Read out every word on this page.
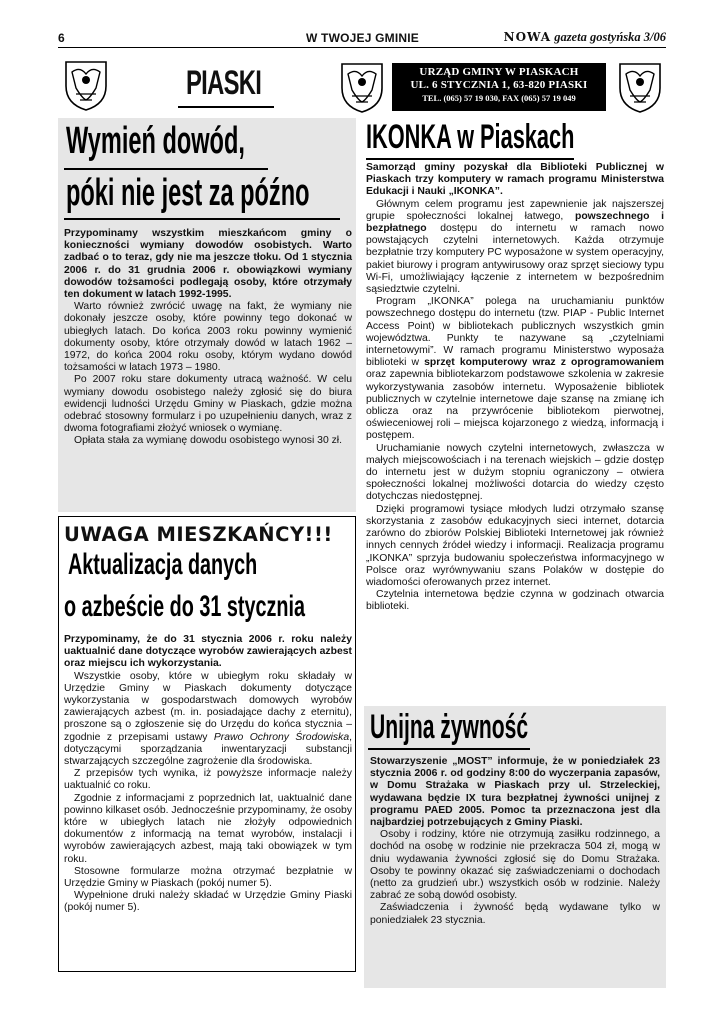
6	W TWOJEJ GMINIE	NOWA gazeta gostyńska 3/06
PIASKI	URZĄD GMINY W PIASKACH
UL. 6 STYCZNIA 1, 63-820 PIASKI
TEL. (065) 57 19 030, FAX (065) 57 19 049
Wymień dowód,
póki nie jest za późno

Przypominamy wszystkim mieszkańcom gminy o konieczności wymiany dowodów osobistych. Warto zadbać o to teraz, gdy nie ma jeszcze tłoku. Od 1 stycznia 2006 r. do 31 grudnia 2006 r. obowiązkowi wymiany dowodów tożsamości podlegają osoby, które otrzymały ten dokument w latach 1992-1995.

Warto również zwrócić uwagę na fakt, że wymiany nie dokonały jeszcze osoby, które powinny tego dokonać w ubiegłych latach. Do końca 2003 roku powinny wymienić dokumenty osoby, które otrzymały dowód w latach 1962 – 1972, do końca 2004 roku osoby, którym wydano dowód tożsamości w latach 1973 – 1980.

Po 2007 roku stare dokumenty utracą ważność. W celu wymiany dowodu osobistego należy zgłosić się do biura ewidencji ludności Urzędu Gminy w Piaskach, gdzie można odebrać stosowny formularz i po uzupełnieniu danych, wraz z dwoma fotografiami złożyć wniosek o wymianę.

Opłata stała za wymianę dowodu osobistego wynosi 30 zł.

UWAGA MIESZKAŃCY!!!
Aktualizacja danych
o azbeście do 31 stycznia

Przypominamy, że do 31 stycznia 2006 r. roku należy uaktualnić dane dotyczące wyrobów zawierających azbest oraz miejscu ich wykorzystania.

Wszystkie osoby, które w ubiegłym roku składały w Urzędzie Gminy w Piaskach dokumenty dotyczące wykorzystania w gospodarstwach domowych wyrobów zawierających azbest (m. in. posiadające dachy z eternitu), proszone są o zgłoszenie się do Urzędu do końca stycznia – zgodnie z przepisami ustawy Prawo Ochrony Środowiska, dotyczącymi sporządzania inwentaryzacji substancji stwarzających szczególne zagrożenie dla środowiska.

Z przepisów tych wynika, iż powyższe informacje należy uaktualnić co roku.

Zgodnie z informacjami z poprzednich lat, uaktualnić dane powinno kilkaset osób. Jednocześnie przypominamy, że osoby które w ubiegłych latach nie złożyły odpowiednich dokumentów z informacją na temat wyrobów, instalacji i wyrobów zawierających azbest, mają taki obowiązek w tym roku.

Stosowne formularze można otrzymać bezpłatnie w Urzędzie Gminy w Piaskach (pokój numer 5).

Wypełnione druki należy składać w Urzędzie Gminy Piaski (pokój numer 5).

IKONKA w Piaskach

Samorząd gminy pozyskał dla Biblioteki Publicznej w Piaskach trzy komputery w ramach programu Ministerstwa Edukacji i Nauki „IKONKA”.

Głównym celem programu jest zapewnienie jak najszerszej grupie społeczności lokalnej łatwego, powszechnego i bezpłatnego dostępu do internetu w ramach nowo powstających czytelni internetowych. Każda otrzymuje bezpłatnie trzy komputery PC wyposażone w system operacyjny, pakiet biurowy i program antywirusowy oraz sprzęt sieciowy typu Wi-Fi, umożliwiający łączenie z internetem w bezpośrednim sąsiedztwie czytelni.

Program „IKONKA” polega na uruchamianiu punktów powszechnego dostępu do internetu (tzw. PIAP - Public Internet Access Point) w bibliotekach publicznych wszystkich gmin województwa. Punkty te nazywane są „czytelniami internetowymi”. W ramach programu Ministerstwo wyposaża biblioteki w sprzęt komputerowy wraz z oprogramowaniem oraz zapewnia bibliotekarzom podstawowe szkolenia w zakresie wykorzystywania zasobów internetu. Wyposażenie bibliotek publicznych w czytelnie internetowe daje szansę na zmianę ich oblicza oraz na przywrócenie bibliotekom pierwotnej, oświeceniowej roli – miejsca kojarzonego z wiedzą, informacją i postępem.

Uruchamianie nowych czytelni internetowych, zwłaszcza w małych miejscowościach i na terenach wiejskich – gdzie dostęp do internetu jest w dużym stopniu ograniczony – otwiera społeczności lokalnej możliwości dotarcia do wiedzy często dotychczas niedostępnej.

Dzięki programowi tysiące młodych ludzi otrzymało szansę skorzystania z zasobów edukacyjnych sieci internet, dotarcia zarówno do zbiorów Polskiej Biblioteki Internetowej jak również innych cennych źródeł wiedzy i informacji. Realizacja programu „IKONKA” sprzyja budowaniu społeczeństwa informacyjnego w Polsce oraz wyrównywaniu szans Polaków w dostępie do wiadomości oferowanych przez internet.

Czytelnia internetowa będzie czynna w godzinach otwarcia biblioteki.

Unijna żywność

Stowarzyszenie „MOST” informuje, że w poniedziałek 23 stycznia 2006 r. od godziny 8:00 do wyczerpania zapasów, w Domu Strażaka w Piaskach przy ul. Strzeleckiej, wydawana będzie IX tura bezpłatnej żywności unijnej z programu PAED 2005. Pomoc ta przeznaczona jest dla najbardziej potrzebujących z Gminy Piaski.

Osoby i rodziny, które nie otrzymują zasiłku rodzinnego, a dochód na osobę w rodzinie nie przekracza 504 zł, mogą w dniu wydawania żywności zgłosić się do Domu Strażaka. Osoby te powinny okazać się zaświadczeniami o dochodach (netto za grudzień ubr.) wszystkich osób w rodzinie. Należy zabrać ze sobą dowód osobisty.

Zaświadczenia i żywność będą wydawane tylko w poniedziałek 23 stycznia.
